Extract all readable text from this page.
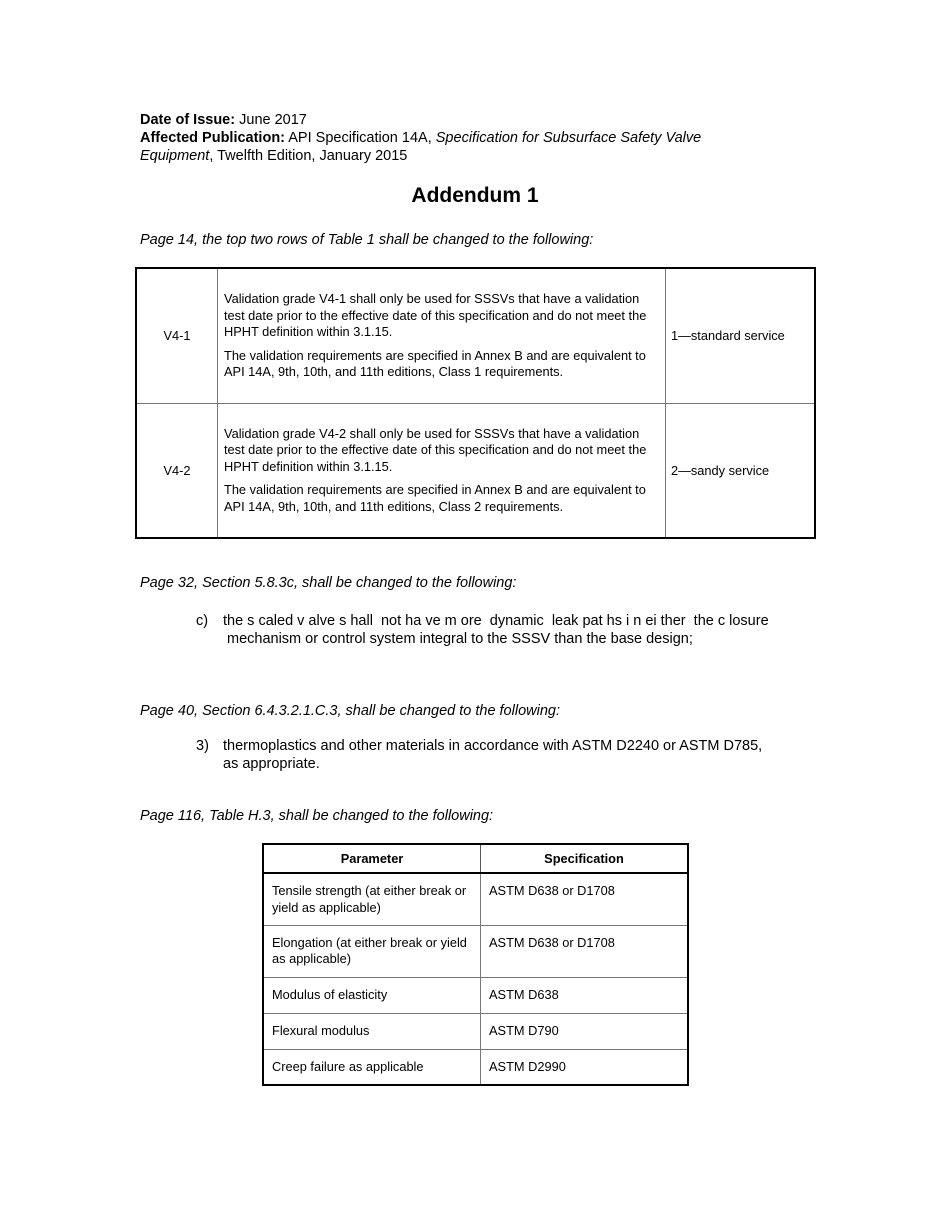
Date of Issue: June 2017
Affected Publication: API Specification 14A, Specification for Subsurface Safety Valve
Equipment, Twelfth Edition, January 2015
Addendum 1
Page 14, the top two rows of Table 1 shall be changed to the following:
V4-1	Validation grade V4-1 shall only be used for SSSVs that have a validation test date prior to the effective date of this specification and do not meet the HPHT definition within 3.1.15.

The validation requirements are specified in Annex B and are equivalent to API 14A, 9th, 10th, and 11th editions, Class 1 requirements.	1—standard service
V4-2	Validation grade V4-2 shall only be used for SSSVs that have a validation test date prior to the effective date of this specification and do not meet the HPHT definition within 3.1.15.

The validation requirements are specified in Annex B and are equivalent to API 14A, 9th, 10th, and 11th editions, Class 2 requirements.	2—sandy service
Page 32, Section 5.8.3c, shall be changed to the following:
c) the s caled v alve s hall  not ha ve m ore  dynamic  leak pat hs i n ei ther  the c losure
mechanism or control system integral to the SSSV than the base design;
Page 40, Section 6.4.3.2.1.C.3, shall be changed to the following:
3) thermoplastics and other materials in accordance with ASTM D2240 or ASTM D785,
as appropriate.
Page 116, Table H.3, shall be changed to the following:
Parameter	Specification
Tensile strength (at either break or yield as applicable)	ASTM D638 or D1708
Elongation (at either break or yield as applicable)	ASTM D638 or D1708
Modulus of elasticity	ASTM D638
Flexural modulus	ASTM D790
Creep failure as applicable	ASTM D2990
